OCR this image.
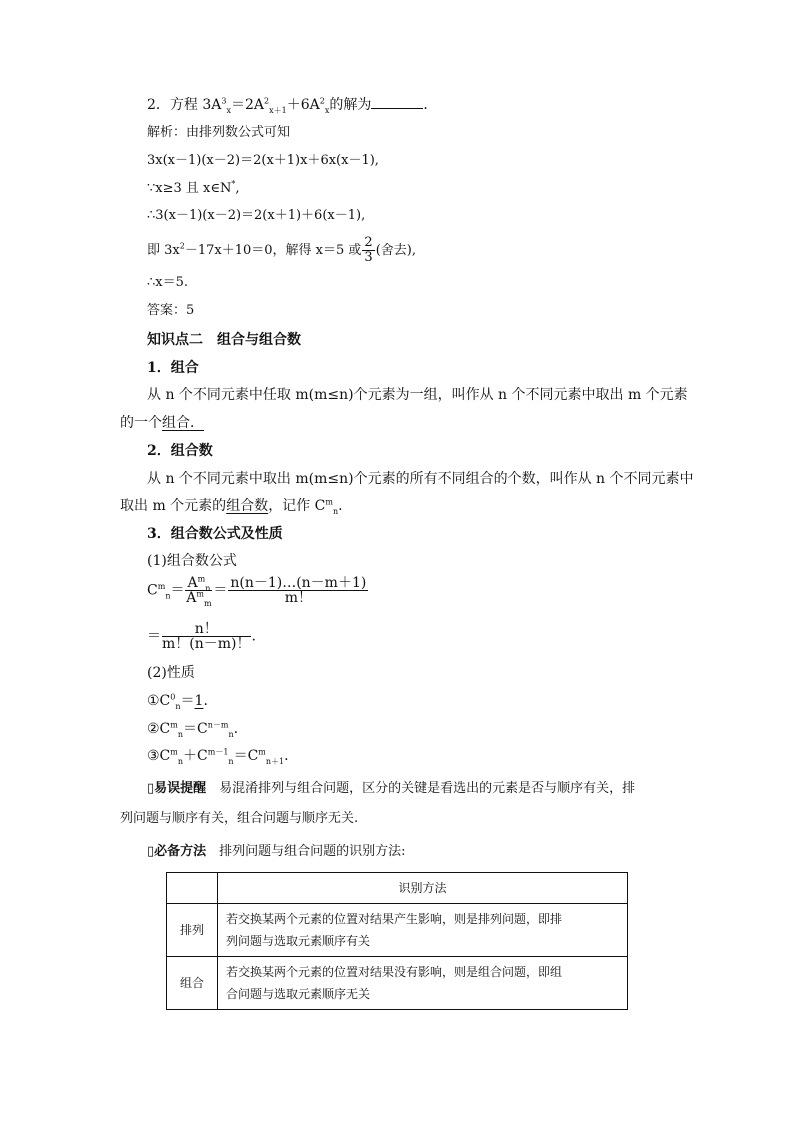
2．方程 $3A^3_x=2A^2_{x+1}+6A^2_x$的解为	．
解析：由排列数公式可知
3x(x－1)(x－2)＝2(x＋1)x＋6x(x－1),
∵x≥3 且 x∈N*,
∴3(x－1)(x－2)＝2(x＋1)＋6(x－1),
即 $3x^2-17x+10=0$，解得 x＝5 或 $\frac{2}{3}$ (舍去),
∴x＝5.
答案：5
知识点二　组合与组合数
1．组合
从 n 个不同元素中任取 m(m≤n)个元素为一组，叫作从 n 个不同元素中取出 m 个元素
的一个组合．
2．组合数
从 n 个不同元素中取出 m(m≤n)个元素的所有不同组合的个数，叫作从 n 个不同元素中
取出 m 个元素的组合数，记作 $C^m_n$.
3．组合数公式及性质
(1)组合数公式
$C^m_n= \frac{A^m_n}{A^m_m} = \frac{n(n-1)\dots(n-m+1)}{m!}$
＝ $\frac{n!}{m!(n-m)!}$ .
(2)性质
$①C^0_n=1$.
$②C^m_n=C^{n-m}_n$.
$③C^m_n+C^{m-1}_n=C^m_{n+1}$.
▯易误提醒　易混淆排列与组合问题，区分的关键是看选出的元素是否与顺序有关，排
列问题与顺序有关，组合问题与顺序无关.
▯必备方法　排列问题与组合问题的识别方法:
	识别方法
排列	若交换某两个元素的位置对结果产生影响，则是排列问题，即排
列问题与选取元素顺序有关

组合	若交换某两个元素的位置对结果没有影响，则是组合问题，即组
合问题与选取元素顺序无关
